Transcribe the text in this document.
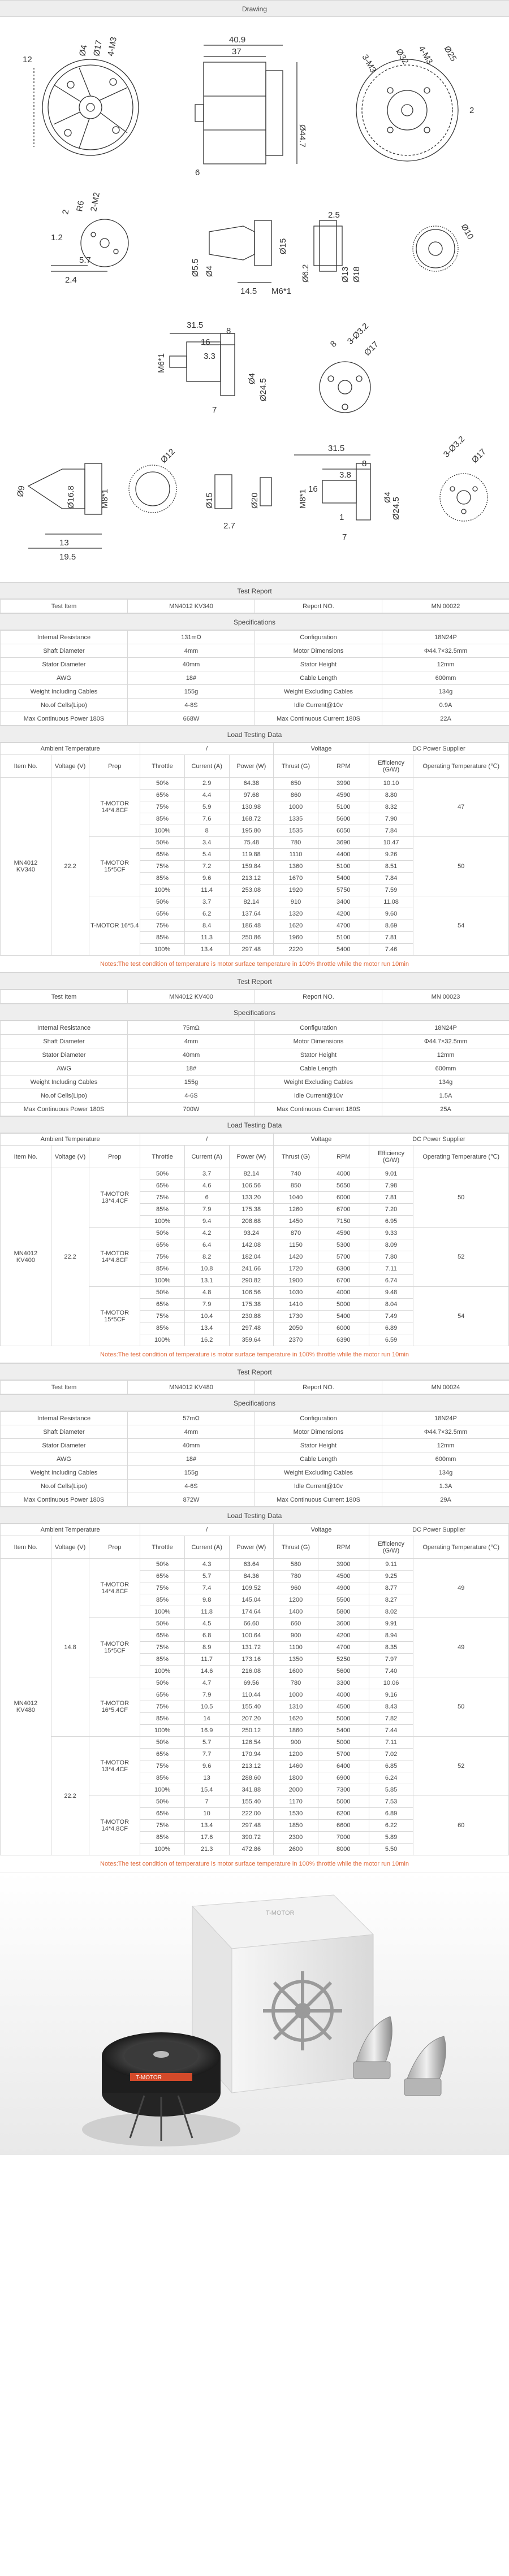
Drawing
12
Ø4 Ø17 4-M3	40.9
37
6
Ø44.7
3-M3 Ø32 4-M3 Ø25
2
1.2
2 R6 2-M2
2.4
5.7	Ø5.5 Ø4
Ø15
14.5 M6*1
Ø6.2	Ø13 Ø18
2.5
Ø10
31.5
16
8
3.3
M6*1
Ø4 Ø24.5
7
8 3-Ø3.2
Ø17
Ø9	M8*1
Ø16.8
13
19.5
Ø12
Ø15	Ø20	M8*1
2.7
31.5
8
3.8
16
1
Ø4
Ø24.5
7
3-Ø3.2 Ø17
Test Report
Test Item	MN4012 KV340	Report NO.	MN 00022
Specifications
Internal Resistance	131mΩ	Configuration	18N24P
Shaft Diameter	4mm	Motor Dimensions	Φ44.7×32.5mm
Stator Diameter	40mm	Stator Height	12mm
AWG	18#	Cable Length	600mm
Weight Including Cables	155g	Weight Excluding Cables	134g
No.of Cells(Lipo)	4-8S	Idle Current@10v	0.9A
Max Continuous Power 180S	668W	Max Continuous Current 180S	22A
Load Testing Data
Ambient Temperature			/			Voltage		DC Power Supplier	
Item No.	Voltage (V)	Prop	Throttle	Current (A)	Power (W)	Thrust (G)	RPM	Efficiency (G/W)	Operating Temperature (℃)
MN4012
KV340	22.2	T-MOTOR 14*4.8CF	50%	2.9	64.38	650	3990	10.10	47
			65%	4.4	97.68	860	4590	8.80	
			75%	5.9	130.98	1000	5100	8.32	
			85%	7.6	168.72	1335	5600	7.90	
			100%	8	195.80	1535	6050	7.84	
		T-MOTOR 15*5CF	50%	3.4	75.48	780	3690	10.47	50
			65%	5.4	119.88	1110	4400	9.26	
			75%	7.2	159.84	1360	5100	8.51	
			85%	9.6	213.12	1670	5400	7.84	
			100%	11.4	253.08	1920	5750	7.59	
		T-MOTOR 16*5.4	50%	3.7	82.14	910	3400	11.08	54
			65%	6.2	137.64	1320	4200	9.60	
			75%	8.4	186.48	1620	4700	8.69	
			85%	11.3	250.86	1960	5100	7.81	
			100%	13.4	297.48	2220	5400	7.46	
Notes:The test condition of temperature is motor surface temperature in 100% throttle while the motor run 10min
Test Report
Test Item	MN4012 KV400	Report NO.	MN 00023
Specifications
Internal Resistance	75mΩ	Configuration	18N24P
Shaft Diameter	4mm	Motor Dimensions	Φ44.7×32.5mm
Stator Diameter	40mm	Stator Height	12mm
AWG	18#	Cable Length	600mm
Weight Including Cables	155g	Weight Excluding Cables	134g
No.of Cells(Lipo)	4-6S	Idle Current@10v	1.5A
Max Continuous Power 180S	700W	Max Continuous Current 180S	25A
Load Testing Data
Ambient Temperature			/			Voltage		DC Power Supplier	
Item No.	Voltage (V)	Prop	Throttle	Current (A)	Power (W)	Thrust (G)	RPM	Efficiency (G/W)	Operating Temperature (℃)
MN4012
KV400	22.2	T-MOTOR 13*4.4CF	50%	3.7	82.14	740	4000	9.01	50
			65%	4.6	106.56	850	5650	7.98	
			75%	6	133.20	1040	6000	7.81	
			85%	7.9	175.38	1260	6700	7.20	
			100%	9.4	208.68	1450	7150	6.95	
		T-MOTOR 14*4.8CF	50%	4.2	93.24	870	4590	9.33	52
			65%	6.4	142.08	1150	5300	8.09	
			75%	8.2	182.04	1420	5700	7.80	
			85%	10.8	241.66	1720	6300	7.11	
			100%	13.1	290.82	1900	6700	6.74	
		T-MOTOR 15*5CF	50%	4.8	106.56	1030	4000	9.48	54
			65%	7.9	175.38	1410	5000	8.04	
			75%	10.4	230.88	1730	5400	7.49	
			85%	13.4	297.48	2050	6000	6.89	
			100%	16.2	359.64	2370	6390	6.59	
Notes:The test condition of temperature is motor surface temperature in 100% throttle while the motor run 10min
Test Report
Test Item	MN4012 KV480	Report NO.	MN 00024
Specifications
Internal Resistance	57mΩ	Configuration	18N24P
Shaft Diameter	4mm	Motor Dimensions	Φ44.7×32.5mm
Stator Diameter	40mm	Stator Height	12mm
AWG	18#	Cable Length	600mm
Weight Including Cables	155g	Weight Excluding Cables	134g
No.of Cells(Lipo)	4-6S	Idle Current@10v	1.3A
Max Continuous Power 180S	872W	Max Continuous Current 180S	29A
Load Testing Data
Ambient Temperature			/			Voltage		DC Power Supplier	
Item No.	Voltage (V)	Prop	Throttle	Current (A)	Power (W)	Thrust (G)	RPM	Efficiency (G/W)	Operating Temperature (℃)
MN4012
KV480	14.8	T-MOTOR 14*4.8CF	50%	4.3	63.64	580	3900	9.11	49
			65%	5.7	84.36	780	4500	9.25	
			75%	7.4	109.52	960	4900	8.77	
			85%	9.8	145.04	1200	5500	8.27	
			100%	11.8	174.64	1400	5800	8.02	
		T-MOTOR 15*5CF	50%	4.5	66.60	660	3600	9.91	49
			65%	6.8	100.64	900	4200	8.94	
			75%	8.9	131.72	1100	4700	8.35	
			85%	11.7	173.16	1350	5250	7.97	
			100%	14.6	216.08	1600	5600	7.40	
		T-MOTOR 16*5.4CF	50%	4.7	69.56	780	3300	10.06	50
			65%	7.9	110.44	1000	4000	9.16	
			75%	10.5	155.40	1310	4500	8.43	
			85%	14	207.20	1620	5000	7.82	
			100%	16.9	250.12	1860	5400	7.44	
	22.2	T-MOTOR 13*4.4CF	50%	5.7	126.54	900	5000	7.11	52
			65%	7.7	170.94	1200	5700	7.02	
			75%	9.6	213.12	1460	6400	6.85	
			85%	13	288.60	1800	6900	6.24	
			100%	15.4	341.88	2000	7300	5.85	
		T-MOTOR 14*4.8CF	50%	7	155.40	1170	5000	7.53	60
			65%	10	222.00	1530	6200	6.89	
			75%	13.4	297.48	1850	6600	6.22	
			85%	17.6	390.72	2300	7000	5.89	
			100%	21.3	472.86	2600	8000	5.50	
Notes:The test condition of temperature is motor surface temperature in 100% throttle while the motor run 10min
T-MOTOR
T-MOTOR
